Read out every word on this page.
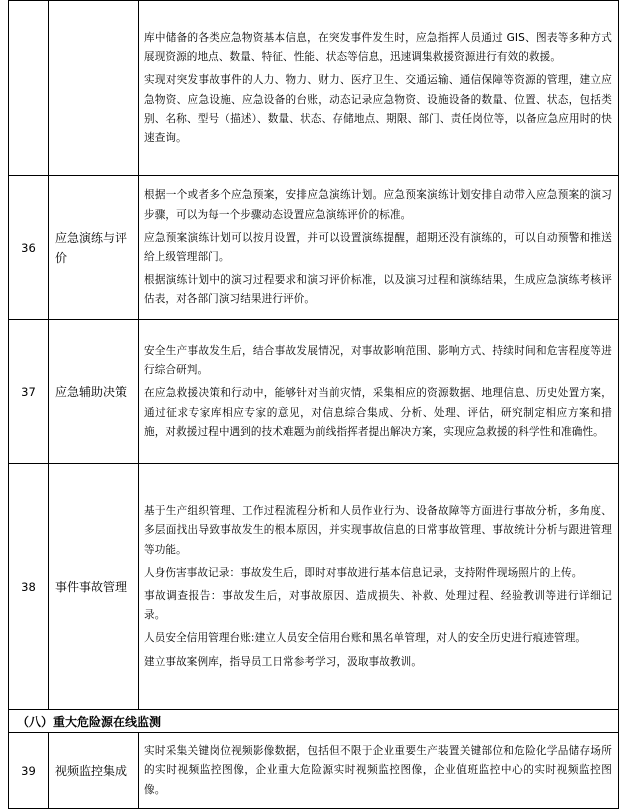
		库中储备的各类应急物资基本信息，在突发事件发生时，应急指挥人员通过 GIS、图表等多种方式展现资源的地点、数量、特征、性能、状态等信息，迅速调集救援资源进行有效的救援。

实现对突发事故事件的人力、物力、财力、医疗卫生、交通运输、通信保障等资源的管理，建立应急物资、应急设施、应急设备的台账，动态记录应急物资、设施设备的数量、位置、状态，包括类别、名称、型号（描述）、数量、状态、存储地点、期限、部门、责任岗位等，以备应急应用时的快速查询。

36	应急演练与评价	根据一个或者多个应急预案，安排应急演练计划。应急预案演练计划安排自动带入应急预案的演习步骤，可以为每一个步骤动态设置应急演练评价的标准。

应急预案演练计划可以按月设置，并可以设置演练提醒，超期还没有演练的，可以自动预警和推送给上级管理部门。

根据演练计划中的演习过程要求和演习评价标准，以及演习过程和演练结果，生成应急演练考核评估表，对各部门演习结果进行评价。

37	应急辅助决策	安全生产事故发生后，结合事故发展情况，对事故影响范围、影响方式、持续时间和危害程度等进行综合研判。

在应急救援决策和行动中，能够针对当前灾情，采集相应的资源数据、地理信息、历史处置方案，通过征求专家库相应专家的意见，对信息综合集成、分析、处理、评估，研究制定相应方案和措施，对救援过程中遇到的技术难题为前线指挥者提出解决方案，实现应急救援的科学性和准确性。

38	事件事故管理	基于生产组织管理、工作过程流程分析和人员作业行为、设备故障等方面进行事故分析，多角度、多层面找出导致事故发生的根本原因，并实现事故信息的日常事故管理、事故统计分析与跟进管理等功能。

人身伤害事故记录：事故发生后，即时对事故进行基本信息记录，支持附件现场照片的上传。

事故调查报告：事故发生后，对事故原因、造成损失、补救、处理过程、经验教训等进行详细记录。

人员安全信用管理台账:建立人员安全信用台账和黑名单管理，对人的安全历史进行痕迹管理。

建立事故案例库，指导员工日常参考学习，汲取事故教训。

（八）重大危险源在线监测		
39	视频监控集成	实时采集关键岗位视频影像数据，包括但不限于企业重要生产装置关键部位和危险化学品储存场所的实时视频监控图像，企业重大危险源实时视频监控图像，企业值班监控中心的实时视频监控图像。
